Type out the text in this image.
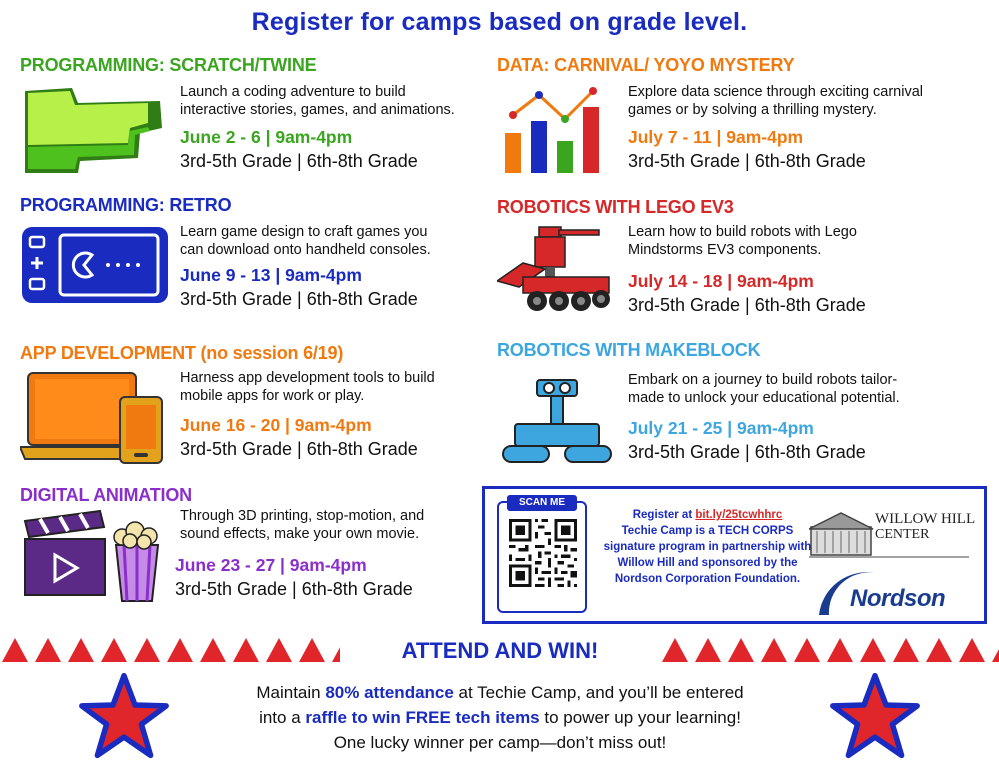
Register for camps based on grade level.
PROGRAMMING: SCRATCH/TWINE
Launch a coding adventure to build
interactive stories, games, and animations.
June 2 - 6 | 9am-4pm
3rd-5th Grade | 6th-8th Grade
PROGRAMMING: RETRO
Learn game design to craft games you
can download onto handheld consoles.
June 9 - 13 | 9am-4pm
3rd-5th Grade | 6th-8th Grade
APP DEVELOPMENT (no session 6/19)
Harness app development tools to build
mobile apps for work or play.
June 16 - 20 | 9am-4pm
3rd-5th Grade | 6th-8th Grade
DIGITAL ANIMATION
Through 3D printing, stop-motion, and
sound effects, make your own movie.
June 23 - 27 | 9am-4pm
3rd-5th Grade | 6th-8th Grade
DATA: CARNIVAL/ YOYO MYSTERY
Explore data science through exciting carnival
games or by solving a thrilling mystery.
July 7 - 11 | 9am-4pm
3rd-5th Grade | 6th-8th Grade
ROBOTICS WITH LEGO EV3
Learn how to build robots with Lego
Mindstorms EV3 components.
July 14 - 18 | 9am-4pm
3rd-5th Grade | 6th-8th Grade
ROBOTICS WITH MAKEBLOCK
Embark on a journey to build robots tailor-
made to unlock your educational potential.
July 21 - 25 | 9am-4pm
3rd-5th Grade | 6th-8th Grade
SCAN ME
Register at bit.ly/25tcwhhrc
Techie Camp is a TECH CORPS signature program in partnership with Willow Hill and sponsored by the Nordson Corporation Foundation.
WILLOW HILL
CENTER
Nordson
ATTEND AND WIN!
Maintain 80% attendance at Techie Camp, and you’ll be entered
into a raffle to win FREE tech items to power up your learning!
One lucky winner per camp—don’t miss out!
